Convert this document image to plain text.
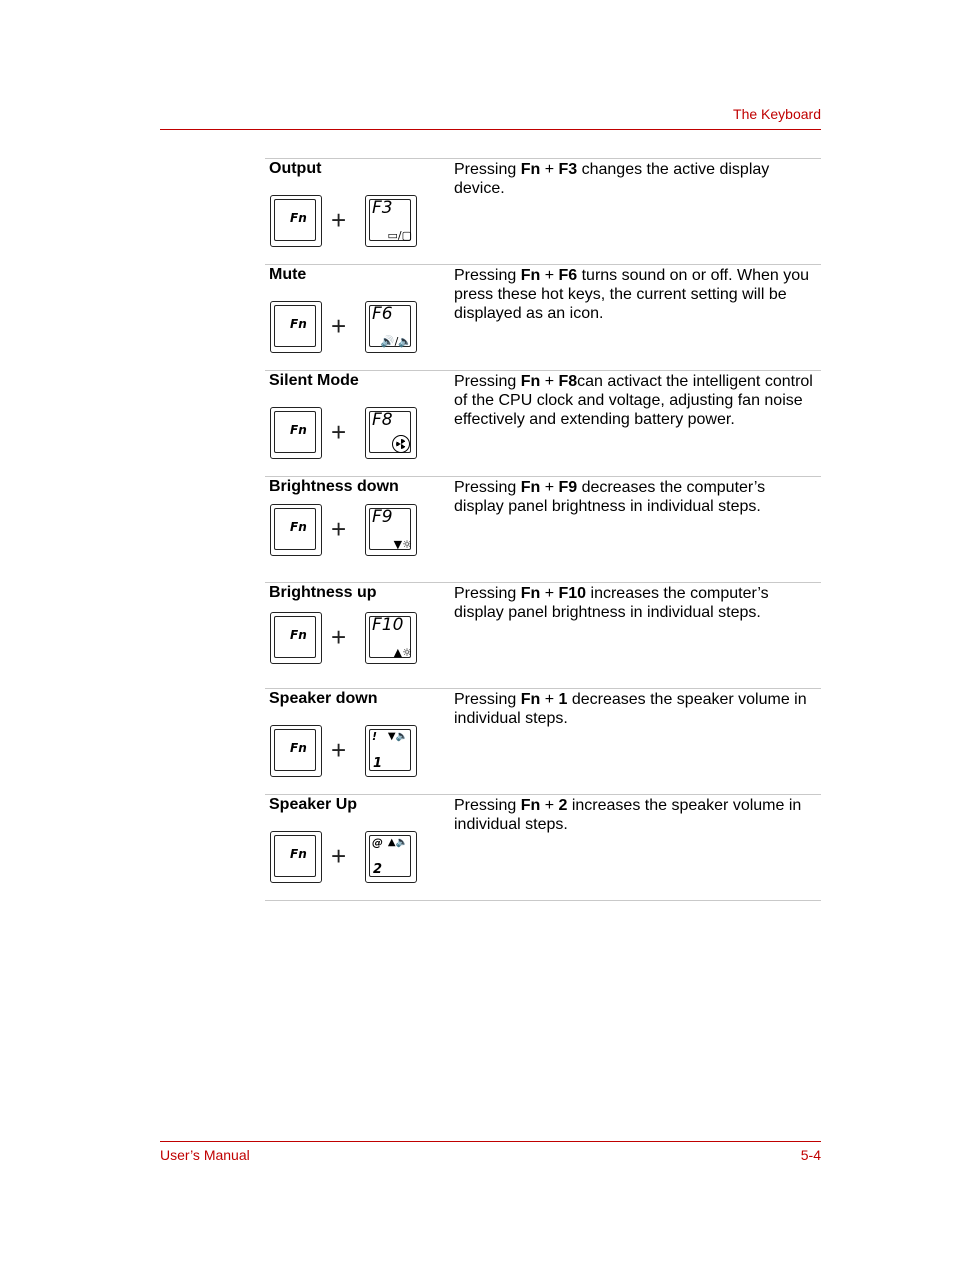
The Keyboard
Output
Fn + F3
▭/▢
Pressing Fn + F3 changes the active display device.
Mute
Fn + F6
🔊/🔈
Pressing Fn + F6 turns sound on or off. When you press these hot keys, the current setting will be displayed as an icon.
Silent Mode
Fn + F8
Pressing Fn + F8can activact the intelligent control of the CPU clock and voltage, adjusting fan noise effectively and extending battery power.
Brightness down
Fn + F9
▼☼
Pressing Fn + F9 decreases the computer’s display panel brightness in individual steps.
Brightness up
Fn + F10
▲☼
Pressing Fn + F10 increases the computer’s display panel brightness in individual steps.
Speaker down
Fn + ! ▼🔈
1
Pressing Fn + 1 decreases the speaker volume in individual steps.
Speaker Up
Fn + @ ▲🔈
2
Pressing Fn + 2 increases the speaker volume in individual steps.
User’s Manual	5-4
